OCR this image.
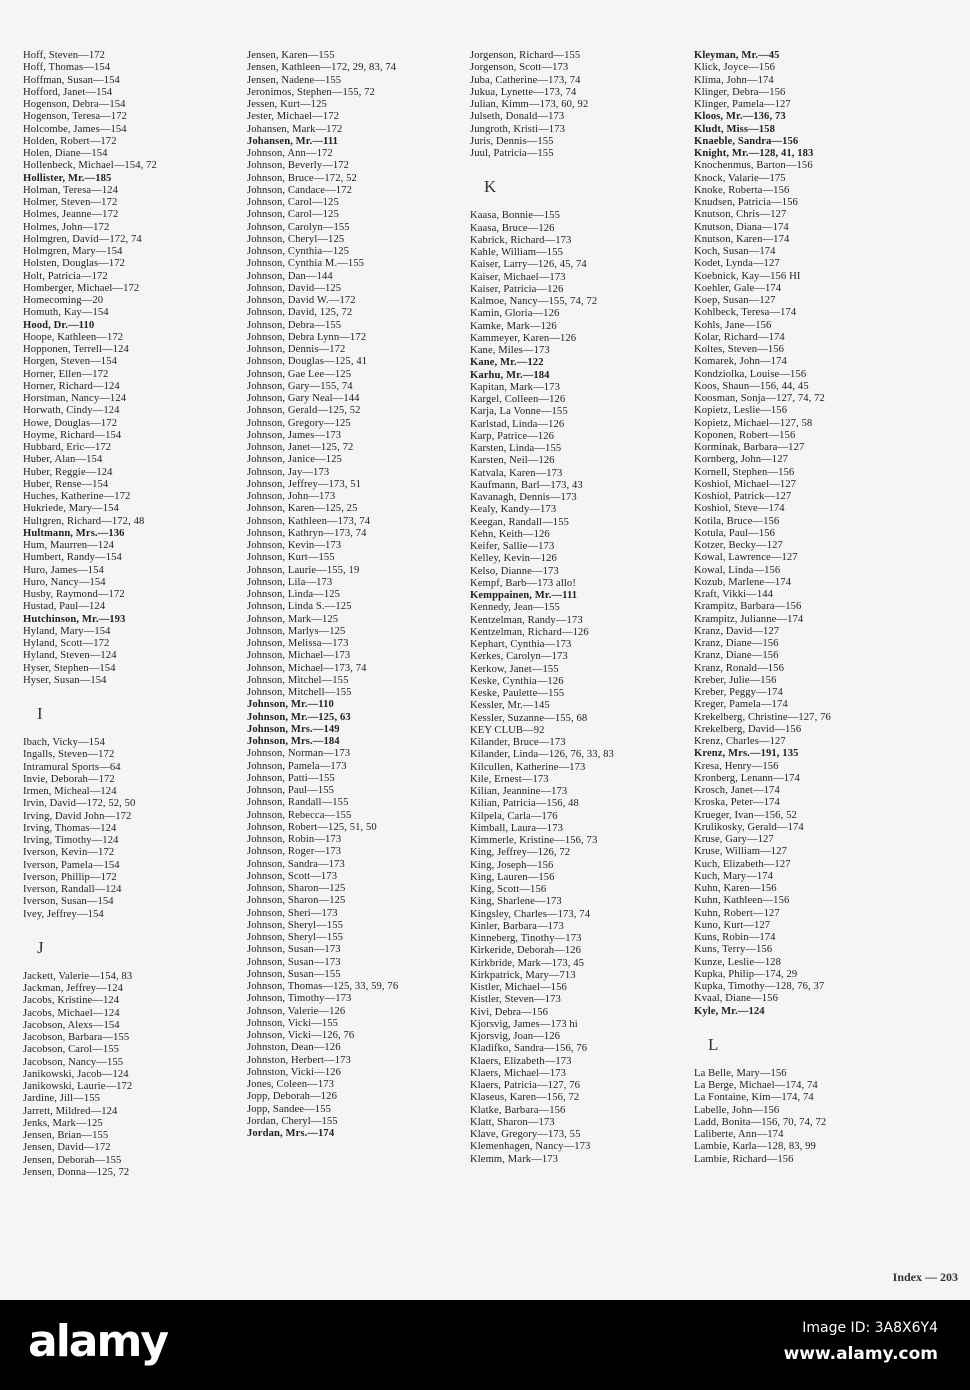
Hoff, Steven—172
Hoff, Thomas—154
Hoffman, Susan—154
Hofford, Janet—154
Hogenson, Debra—154
Hogenson, Teresa—172
Holcombe, James—154
Holden, Robert—172
Holen, Diane—154
Hollenbeck, Michael—154, 72
Hollister, Mr.—185
Holman, Teresa—124
Holmer, Steven—172
Holmes, Jeanne—172
Holmes, John—172
Holmgren, David—172, 74
Holmgren, Mary—154
Holsten, Douglas—172
Holt, Patricia—172
Homberger, Michael—172
Homecoming—20
Homuth, Kay—154
Hood, Dr.—110
Hoope, Kathleen—172
Hopponen, Terrell—124
Horgen, Steven—154
Horner, Ellen—172
Horner, Richard—124
Horstman, Nancy—124
Horwath, Cindy—124
Howe, Douglas—172
Hoyme, Richard—154
Hubbard, Eric—172
Huber, Alan—154
Huber, Reggie—124
Huber, Rense—154
Huches, Katherine—172
Hukriede, Mary—154
Hultgren, Richard—172, 48
Hultmann, Mrs.—136
Hum, Maurren—124
Humbert, Randy—154
Huro, James—154
Huro, Nancy—154
Husby, Raymond—172
Hustad, Paul—124
Hutchinson, Mr.—193
Hyland, Mary—154
Hyland, Scott—172
Hyland, Steven—124
Hyser, Stephen—154
Hyser, Susan—154
I
Ibach, Vicky—154
Ingalls, Steven—172
Intramural Sports—64
Invie, Deborah—172
Irmen, Micheal—124
Irvin, David—172, 52, 50
Irving, David John—172
Irving, Thomas—124
Irving, Timothy—124
Iverson, Kevin—172
Iverson, Pamela—154
Iverson, Phillip—172
Iverson, Randall—124
Iverson, Susan—154
Ivey, Jeffrey—154
J
Jackett, Valerie—154, 83
Jackman, Jeffrey—124
Jacobs, Kristine—124
Jacobs, Michael—124
Jacobson, Alexs—154
Jacobson, Barbara—155
Jacobson, Carol—155
Jacobson, Nancy—155
Janikowski, Jacob—124
Janikowski, Laurie—172
Jardine, Jill—155
Jarrett, Mildred—124
Jenks, Mark—125
Jensen, Brian—155
Jensen, David—172
Jensen, Deborah—155
Jensen, Donna—125, 72
Jensen, Karen—155
Jensen, Kathleen—172, 29, 83, 74
Jensen, Nadene—155
Jeronimos, Stephen—155, 72
Jessen, Kurt—125
Jester, Michael—172
Johansen, Mark—172
Johansen, Mr.—111
Johnson, Ann—172
Johnson, Beverly—172
Johnson, Bruce—172, 52
Johnson, Candace—172
Johnson, Carol—125
Johnson, Carol—125
Johnson, Carolyn—155
Johnson, Cheryl—125
Johnson, Cynthia—125
Johnson, Cynthia M.—155
Johnson, Dan—144
Johnson, David—125
Johnson, David W.—172
Johnson, David, 125, 72
Johnson, Debra—155
Johnson, Debra Lynn—172
Johnson, Dennis—172
Johnson, Douglas—125, 41
Johnson, Gae Lee—125
Johnson, Gary—155, 74
Johnson, Gary Neal—144
Johnson, Gerald—125, 52
Johnson, Gregory—125
Johnson, James—173
Johnson, Janet—125, 72
Johnson, Janice—125
Johnson, Jay—173
Johnson, Jeffrey—173, 51
Johnson, John—173
Johnson, Karen—125, 25
Johnson, Kathleen—173, 74
Johnson, Kathryn—173, 74
Johnson, Kevin—173
Johnson, Kurt—155
Johnson, Laurie—155, 19
Johnson, Lila—173
Johnson, Linda—125
Johnson, Linda S.—125
Johnson, Mark—125
Johnson, Marlys—125
Johnson, Melissa—173
Johnson, Michael—173
Johnson, Michael—173, 74
Johnson, Mitchel—155
Johnson, Mitchell—155
Johnson, Mr.—110
Johnson, Mr.—125, 63
Johnson, Mrs.—149
Johnson, Mrs.—184
Johnson, Norman—173
Johnson, Pamela—173
Johnson, Patti—155
Johnson, Paul—155
Johnson, Randall—155
Johnson, Rebecca—155
Johnson, Robert—125, 51, 50
Johnson, Robin—173
Johnson, Roger—173
Johnson, Sandra—173
Johnson, Scott—173
Johnson, Sharon—125
Johnson, Sharon—125
Johnson, Sheri—173
Johnson, Sheryl—155
Johnson, Sheryl—155
Johnson, Susan—173
Johnson, Susan—173
Johnson, Susan—155
Johnson, Thomas—125, 33, 59, 76
Johnson, Timothy—173
Johnson, Valerie—126
Johnson, Vicki—155
Johnson, Vicki—126, 76
Johnston, Dean—126
Johnston, Herbert—173
Johnston, Vicki—126
Jones, Coleen—173
Jopp, Deborah—126
Jopp, Sandee—155
Jordan, Cheryl—155
Jordan, Mrs.—174
Jorgenson, Richard—155
Jorgenson, Scott—173
Juba, Catherine—173, 74
Jukua, Lynette—173, 74
Julian, Kimm—173, 60, 92
Julseth, Donald—173
Jungroth, Kristi—173
Juris, Dennis—155
Juul, Patricia—155
K
Kaasa, Bonnie—155
Kaasa, Bruce—126
Kabrick, Richard—173
Kahle, William—155
Kaiser, Larry—126, 45, 74
Kaiser, Michael—173
Kaiser, Patricia—126
Kalmoe, Nancy—155, 74, 72
Kamin, Gloria—126
Kamke, Mark—126
Kammeyer, Karen—126
Kane, Miles—173
Kane, Mr.—122
Karhu, Mr.—184
Kapitan, Mark—173
Kargel, Colleen—126
Karja, La Vonne—155
Karlstad, Linda—126
Karp, Patrice—126
Karsten, Linda—155
Karsten, Neil—126
Katvala, Karen—173
Kaufmann, Barl—173, 43
Kavanagh, Dennis—173
Kealy, Kandy—173
Keegan, Randall—155
Kehn, Keith—126
Keifer, Sallie—173
Kelley, Kevin—126
Kelso, Dianne—173
Kempf, Barb—173 allo!
Kemppainen, Mr.—111
Kennedy, Jean—155
Kentzelman, Randy—173
Kentzelman, Richard—126
Kephart, Cynthia—173
Kerkes, Carolyn—173
Kerkow, Janet—155
Keske, Cynthia—126
Keske, Paulette—155
Kessler, Mr.—145
Kessler, Suzanne—155, 68
KEY CLUB—92
Kilander, Bruce—173
Kilander, Linda—126, 76, 33, 83
Kilcullen, Katherine—173
Kile, Ernest—173
Kilian, Jeannine—173
Kilian, Patricia—156, 48
Kilpela, Carla—176
Kimball, Laura—173
Kimmerle, Kristine—156, 73
King, Jeffrey—126, 72
King, Joseph—156
King, Lauren—156
King, Scott—156
King, Sharlene—173
Kingsley, Charles—173, 74
Kinler, Barbara—173
Kinneberg, Tinothy—173
Kirkeride, Deborah—126
Kirkbride, Mark—173, 45
Kirkpatrick, Mary—713
Kistler, Michael—156
Kistler, Steven—173
Kivi, Debra—156
Kjorsvig, James—173 hi
Kjorsvig, Joan—126
Kladifko, Sandra—156, 76
Klaers, Elizabeth—173
Klaers, Michael—173
Klaers, Patricia—127, 76
Klaseus, Karen—156, 72
Klatke, Barbara—156
Klatt, Sharon—173
Klave, Gregory—173, 55
Klemenhagen, Nancy—173
Klemm, Mark—173
Kleyman, Mr.—45
Klick, Joyce—156
Klima, John—174
Klinger, Debra—156
Klinger, Pamela—127
Kloos, Mr.—136, 73
Kludt, Miss—158
Knaeble, Sandra—156
Knight, Mr.—128, 41, 183
Knochenmus, Barton—156
Knock, Valarie—175
Knoke, Roberta—156
Knudsen, Patricia—156
Knutson, Chris—127
Knutson, Diana—174
Knutson, Karen—174
Koch, Susan—174
Kodet, Lynda—127
Koebnick, Kay—156 HI
Koehler, Gale—174
Koep, Susan—127
Kohlbeck, Teresa—174
Kohls, Jane—156
Kolar, Richard—174
Koltes, Steven—156
Komarek, John—174
Kondziolka, Louise—156
Koos, Shaun—156, 44, 45
Koosman, Sonja—127, 74, 72
Kopietz, Leslie—156
Kopietz, Michael—127, 58
Koponen, Robert—156
Korminak, Barbara—127
Kornberg, John—127
Kornell, Stephen—156
Koshiol, Michael—127
Koshiol, Patrick—127
Koshiol, Steve—174
Kotila, Bruce—156
Kotula, Paul—156
Kotzer, Becky—127
Kowal, Lawrence—127
Kowal, Linda—156
Kozub, Marlene—174
Kraft, Vikki—144
Krampitz, Barbara—156
Krampitz, Julianne—174
Kranz, David—127
Kranz, Diane—156
Kranz, Diane—156
Kranz, Ronald—156
Kreber, Julie—156
Kreber, Peggy—174
Kreger, Pamela—174
Krekelberg, Christine—127, 76
Krekelberg, David—156
Krenz, Charles—127
Krenz, Mrs.—191, 135
Kresa, Henry—156
Kronberg, Lenann—174
Krosch, Janet—174
Kroska, Peter—174
Krueger, Ivan—156, 52
Krulikosky, Gerald—174
Kruse, Gary—127
Kruse, William—127
Kuch, Elizabeth—127
Kuch, Mary—174
Kuhn, Karen—156
Kuhn, Kathleen—156
Kuhn, Robert—127
Kuno, Kurt—127
Kuns, Robin—174
Kuns, Terry—156
Kunze, Leslie—128
Kupka, Philip—174, 29
Kupka, Timothy—128, 76, 37
Kvaal, Diane—156
Kyle, Mr.—124
L
La Belle, Mary—156
La Berge, Michael—174, 74
La Fontaine, Kim—174, 74
Labelle, John—156
Ladd, Bonita—156, 70, 74, 72
Laliberte, Ann—174
Lambie, Karla—128, 83, 99
Lambie, Richard—156
Index — 203
alamy	Image ID: 3A8X6Y4
www.alamy.com
